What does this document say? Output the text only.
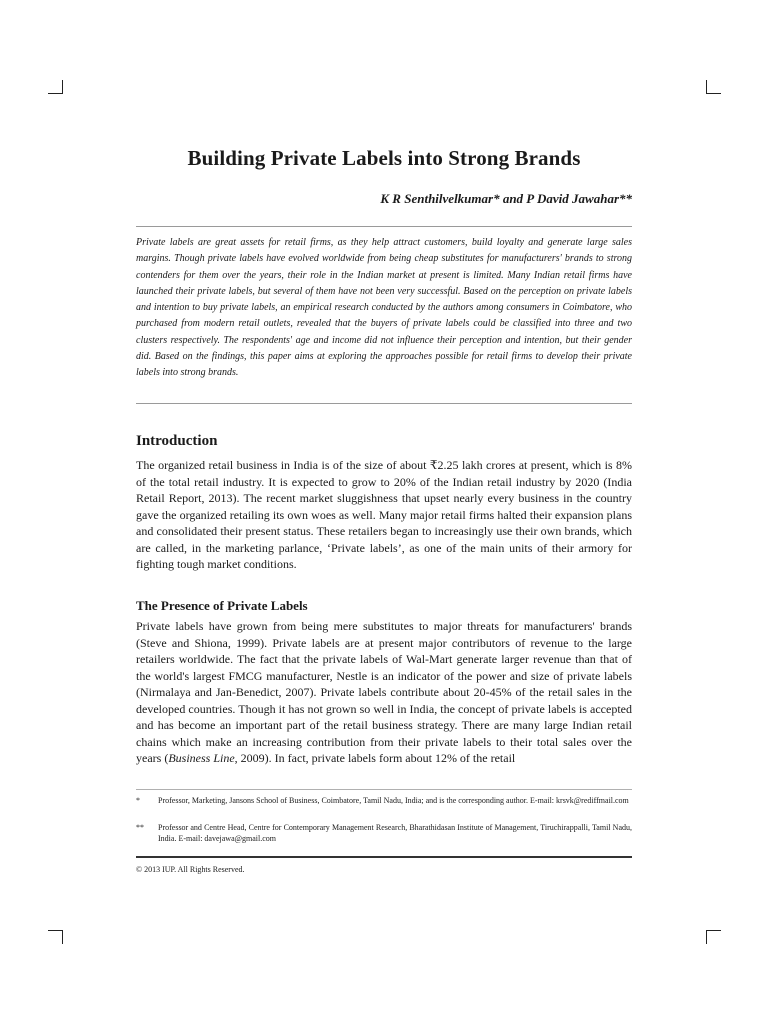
Building Private Labels into Strong Brands
K R Senthilvelkumar* and P David Jawahar**

Private labels are great assets for retail firms, as they help attract customers, build loyalty and generate large sales margins. Though private labels have evolved worldwide from being cheap substitutes for manufacturers' brands to strong contenders for them over the years, their role in the Indian market at present is limited. Many Indian retail firms have launched their private labels, but several of them have not been very successful. Based on the perception on private labels and intention to buy private labels, an empirical research conducted by the authors among consumers in Coimbatore, who purchased from modern retail outlets, revealed that the buyers of private labels could be classified into three and two clusters respectively. The respondents' age and income did not influence their perception and intention, but their gender did. Based on the findings, this paper aims at exploring the approaches possible for retail firms to develop their private labels into strong brands.

Introduction

The organized retail business in India is of the size of about ₹2.25 lakh crores at present, which is 8% of the total retail industry. It is expected to grow to 20% of the Indian retail industry by 2020 (India Retail Report, 2013). The recent market sluggishness that upset nearly every business in the country gave the organized retailing its own woes as well. Many major retail firms halted their expansion plans and consolidated their present status. These retailers began to increasingly use their own brands, which are called, in the marketing parlance, ‘Private labels’, as one of the main units of their armory for fighting tough market conditions.

The Presence of Private Labels

Private labels have grown from being mere substitutes to major threats for manufacturers' brands (Steve and Shiona, 1999). Private labels are at present major contributors of revenue to the large retailers worldwide. The fact that the private labels of Wal-Mart generate larger revenue than that of the world's largest FMCG manufacturer, Nestle is an indicator of the power and size of private labels (Nirmalaya and Jan-Benedict, 2007). Private labels contribute about 20-45% of the retail sales in the developed countries. Though it has not grown so well in India, the concept of private labels is accepted and has become an important part of the retail business strategy. There are many large Indian retail chains which make an increasing contribution from their private labels to their total sales over the years (Business Line, 2009). In fact, private labels form about 12% of the retail

* Professor, Marketing, Jansons School of Business, Coimbatore, Tamil Nadu, India; and is the corresponding author. E-mail: krsvk@rediffmail.com
** Professor and Centre Head, Centre for Contemporary Management Research, Bharathidasan Institute of Management, Tiruchirappalli, Tamil Nadu, India. E-mail: davejawa@gmail.com
© 2013 IUP. All Rights Reserved.
